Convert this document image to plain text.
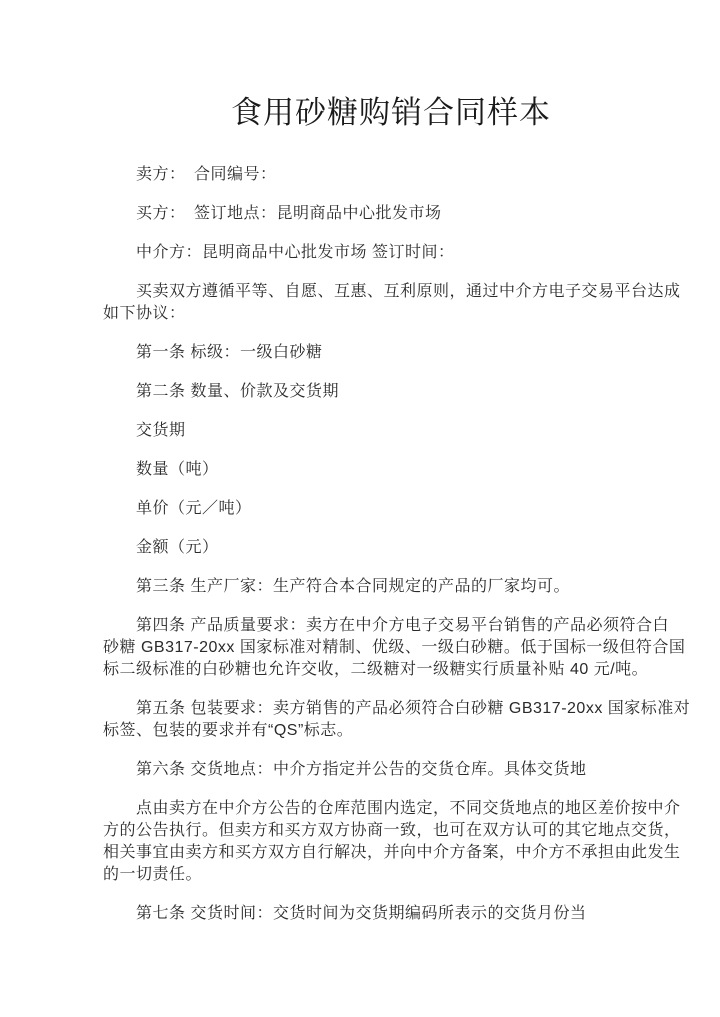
食用砂糖购销合同样本
卖方：　合同编号：
买方：　签订地点：昆明商品中心批发市场
中介方：昆明商品中心批发市场 签订时间：
买卖双方遵循平等、自愿、互惠、互利原则，通过中介方电子交易平台达成
如下协议：
第一条 标级：一级白砂糖
第二条 数量、价款及交货期
交货期
数量（吨）
单价（元／吨）
金额（元）
第三条 生产厂家：生产符合本合同规定的产品的厂家均可。
第四条 产品质量要求：卖方在中介方电子交易平台销售的产品必须符合白
砂糖 GB317-20xx 国家标准对精制、优级、一级白砂糖。低于国标一级但符合国
标二级标准的白砂糖也允许交收，二级糖对一级糖实行质量补贴 40 元/吨。
第五条 包装要求：卖方销售的产品必须符合白砂糖 GB317-20xx 国家标准对
标签、包装的要求并有“QS”标志。
第六条 交货地点：中介方指定并公告的交货仓库。具体交货地
点由卖方在中介方公告的仓库范围内选定，不同交货地点的地区差价按中介
方的公告执行。但卖方和买方双方协商一致，也可在双方认可的其它地点交货，
相关事宜由卖方和买方双方自行解决，并向中介方备案，中介方不承担由此发生
的一切责任。
第七条 交货时间：交货时间为交货期编码所表示的交货月份当
